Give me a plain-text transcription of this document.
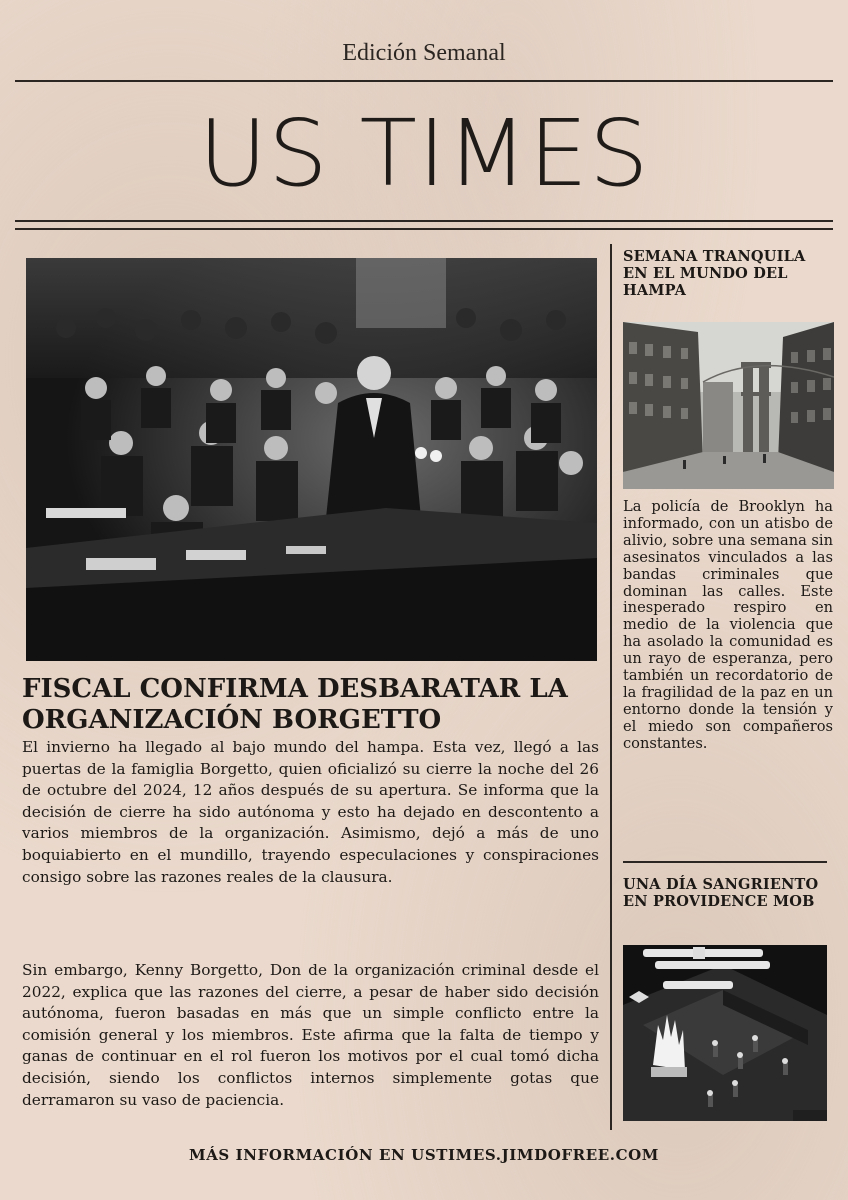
Edición Semanal
US TIMES
FISCAL CONFIRMA DESBARATAR LA ORGANIZACIÓN BORGETTO

El invierno ha llegado al bajo mundo del hampa. Esta vez, llegó a las puertas de la famiglia Borgetto, quien oficializó su cierre la noche del 26 de octubre del 2024, 12 años después de su apertura. Se informa que la decisión de cierre ha sido autónoma y esto ha dejado en descontento a varios miembros de la organización. Asimismo, dejó a más de uno boquiabierto en el mundillo, trayendo especulaciones y conspiraciones consigo sobre las razones reales de la clausura.

Sin embargo, Kenny Borgetto, Don de la organización criminal desde el 2022, explica que las razones del cierre, a pesar de haber sido decisión autónoma, fueron basadas en más que un simple conflicto entre la comisión general y los miembros. Este afirma que la falta de tiempo y ganas de continuar en el rol fueron los motivos por el cual tomó dicha decisión, siendo los conflictos internos simplemente gotas que derramaron su vaso de paciencia.

SEMANA TRANQUILA EN EL MUNDO DEL HAMPA

La policía de Brooklyn ha informado, con un atisbo de alivio, sobre una semana sin asesinatos vinculados a las bandas criminales que dominan las calles. Este inesperado respiro en medio de la violencia que ha asolado la comunidad es un rayo de esperanza, pero también un recordatorio de la fragilidad de la paz en un entorno donde la tensión y el miedo son compañeros constantes.

UNA DÍA SANGRIENTO EN PROVIDENCE MOB
MÁS INFORMACIÓN EN USTIMES.JIMDOFREE.COM
